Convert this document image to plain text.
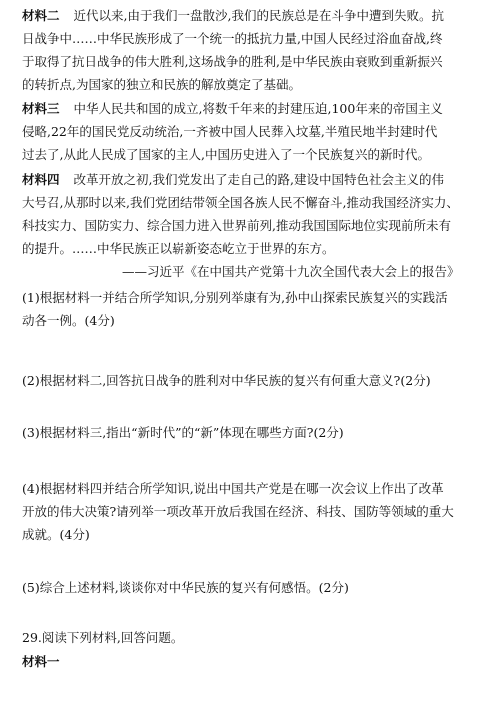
材料二 近代以来,由于我们一盘散沙,我们的民族总是在斗争中遭到失败。抗
日战争中……中华民族形成了一个统一的抵抗力量,中国人民经过浴血奋战,终
于取得了抗日战争的伟大胜利,这场战争的胜利,是中华民族由衰败到重新振兴
的转折点,为国家的独立和民族的解放奠定了基础。
材料三 中华人民共和国的成立,将数千年来的封建压迫,100年来的帝国主义
侵略,22年的国民党反动统治,一齐被中国人民葬入坟墓,半殖民地半封建时代
过去了,从此人民成了国家的主人,中国历史进入了一个民族复兴的新时代。
材料四 改革开放之初,我们党发出了走自己的路,建设中国特色社会主义的伟
大号召,从那时以来,我们党团结带领全国各族人民不懈奋斗,推动我国经济实力、
科技实力、国防实力、综合国力进入世界前列,推动我国国际地位实现前所未有
的提升。……中华民族正以崭新姿态屹立于世界的东方。
——习近平《在中国共产党第十九次全国代表大会上的报告》
(1)根据材料一并结合所学知识,分别列举康有为,孙中山探索民族复兴的实践活
动各一例。(4分)
(2)根据材料二,回答抗日战争的胜利对中华民族的复兴有何重大意义?(2分)
(3)根据材料三,指出“新时代”的“新”体现在哪些方面?(2分)
(4)根据材料四并结合所学知识,说出中国共产党是在哪一次会议上作出了改革
开放的伟大决策?请列举一项改革开放后我国在经济、科技、国防等领域的重大
成就。(4分)
(5)综合上述材料,谈谈你对中华民族的复兴有何感悟。(2分)
29.阅读下列材料,回答问题。
材料一
